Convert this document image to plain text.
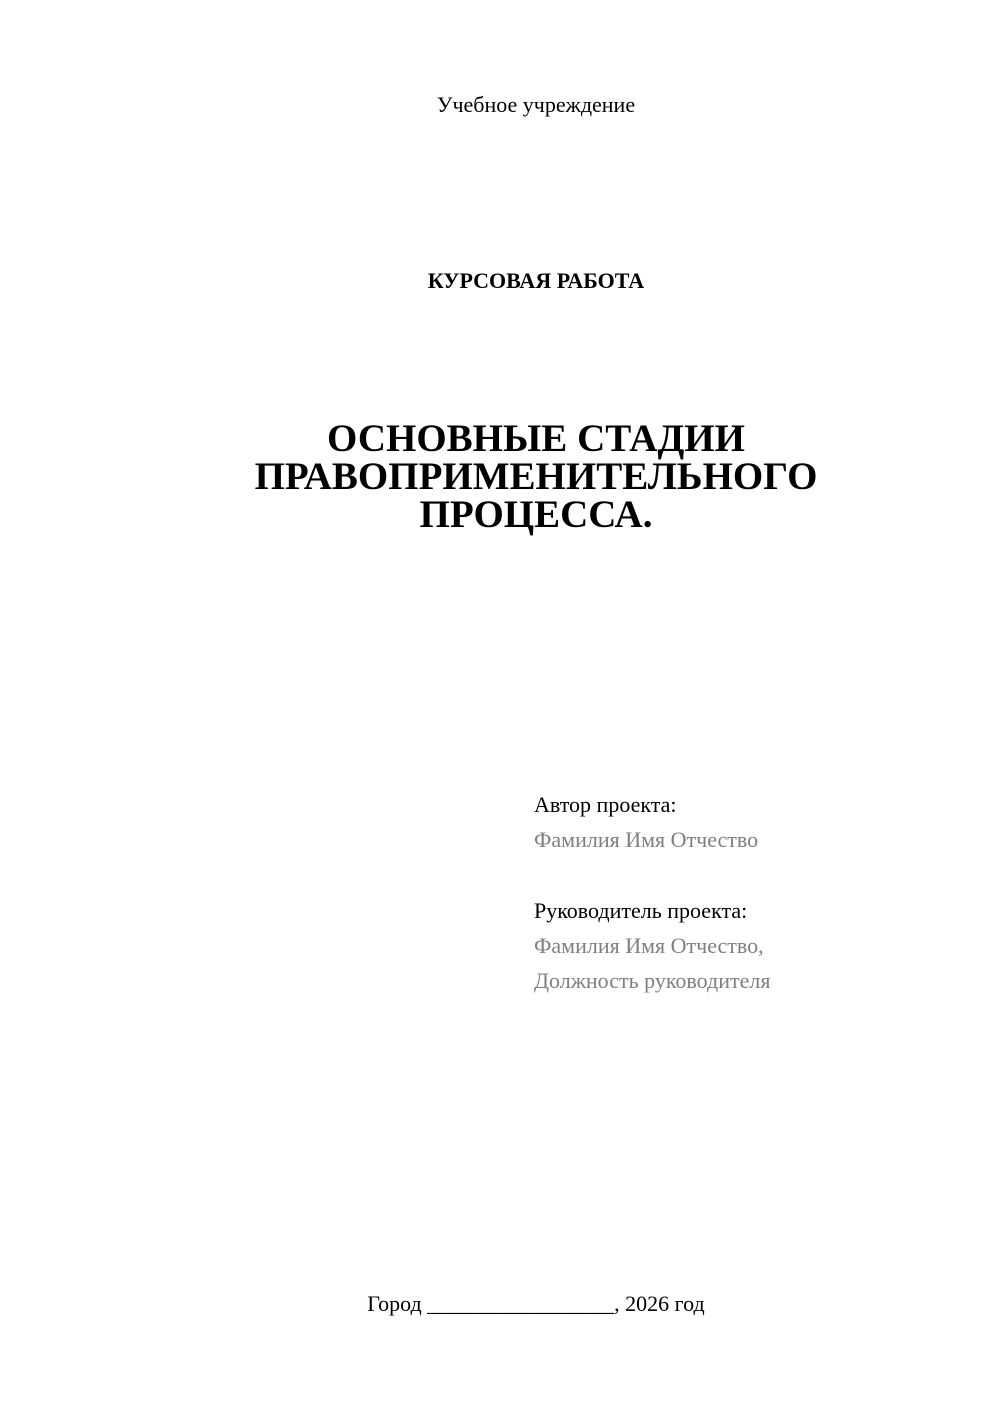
Учебное учреждение
КУРСОВАЯ РАБОТА
ОСНОВНЫЕ СТАДИИ
ПРАВОПРИМЕНИТЕЛЬНОГО
ПРОЦЕССА.
Автор проекта:
Фамилия Имя Отчество
Руководитель проекта:
Фамилия Имя Отчество,
Должность руководителя
Город _________________, 2026 год
